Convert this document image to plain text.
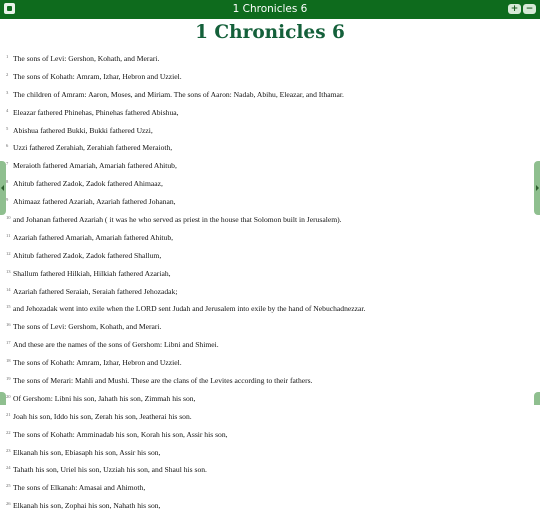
1 Chronicles 6	+ −
1 Chronicles 6
1 The sons of Levi: Gershon, Kohath, and Merari.
2 The sons of Kohath: Amram, Izhar, Hebron and Uzziel.
3 The children of Amram: Aaron, Moses, and Miriam. The sons of Aaron: Nadab, Abihu, Eleazar, and Ithamar.
4 Eleazar fathered Phinehas, Phinehas fathered Abishua,
5 Abishua fathered Bukki, Bukki fathered Uzzi,
6 Uzzi fathered Zerahiah, Zerahiah fathered Meraioth,
7 Meraioth fathered Amariah, Amariah fathered Ahitub,
8 Ahitub fathered Zadok, Zadok fathered Ahimaaz,
9 Ahimaaz fathered Azariah, Azariah fathered Johanan,
10 and Johanan fathered Azariah ( it was he who served as priest in the house that Solomon built in Jerusalem).
11 Azariah fathered Amariah, Amariah fathered Ahitub,
12 Ahitub fathered Zadok, Zadok fathered Shallum,
13 Shallum fathered Hilkiah, Hilkiah fathered Azariah,
14 Azariah fathered Seraiah, Seraiah fathered Jehozadak;
15 and Jehozadak went into exile when the LORD sent Judah and Jerusalem into exile by the hand of Nebuchadnezzar.
16 The sons of Levi: Gershom, Kohath, and Merari.
17 And these are the names of the sons of Gershom: Libni and Shimei.
18 The sons of Kohath: Amram, Izhar, Hebron and Uzziel.
19 The sons of Merari: Mahli and Mushi. These are the clans of the Levites according to their fathers.
20 Of Gershom: Libni his son, Jahath his son, Zimmah his son,
21 Joah his son, Iddo his son, Zerah his son, Jeatherai his son.
22 The sons of Kohath: Amminadab his son, Korah his son, Assir his son,
23 Elkanah his son, Ebiasaph his son, Assir his son,
24 Tahath his son, Uriel his son, Uzziah his son, and Shaul his son.
25 The sons of Elkanah: Amasai and Ahimoth,
26 Elkanah his son, Zophai his son, Nahath his son,
